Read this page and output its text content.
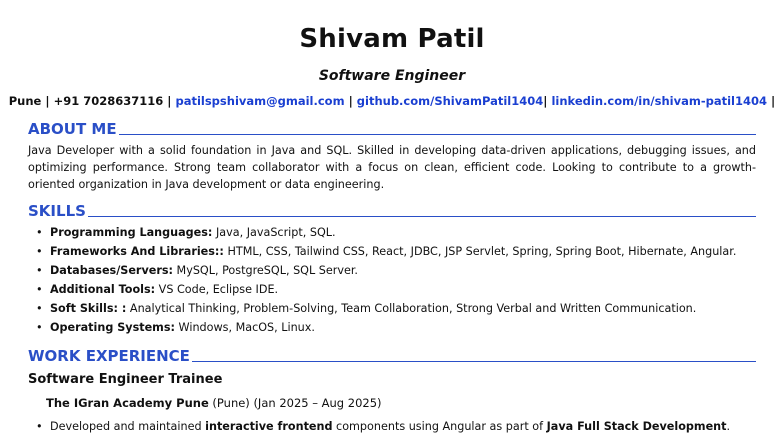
Shivam Patil
Software Engineer
Pune | +91 7028637116 | patilspshivam@gmail.com | github.com/ShivamPatil1404| linkedin.com/in/shivam-patil1404 |
ABOUT ME
Java Developer with a solid foundation in Java and SQL. Skilled in developing data-driven applications, debugging issues, and optimizing performance. Strong team collaborator with a focus on clean, efficient code. Looking to contribute to a growth-oriented organization in Java development or data engineering.
SKILLS
• Programming Languages: Java, JavaScript, SQL.
• Frameworks And Libraries:: HTML, CSS, Tailwind CSS, React, JDBC, JSP Servlet, Spring, Spring Boot, Hibernate, Angular.
• Databases/Servers: MySQL, PostgreSQL, SQL Server.
• Additional Tools: VS Code, Eclipse IDE.
• Soft Skills: : Analytical Thinking, Problem-Solving, Team Collaboration, Strong Verbal and Written Communication.
• Operating Systems: Windows, MacOS, Linux.
WORK EXPERIENCE
Software Engineer Trainee
The IGran Academy Pune (Pune) (Jan 2025 – Aug 2025)
• Developed and maintained interactive frontend components using Angular as part of Java Full Stack Development.
